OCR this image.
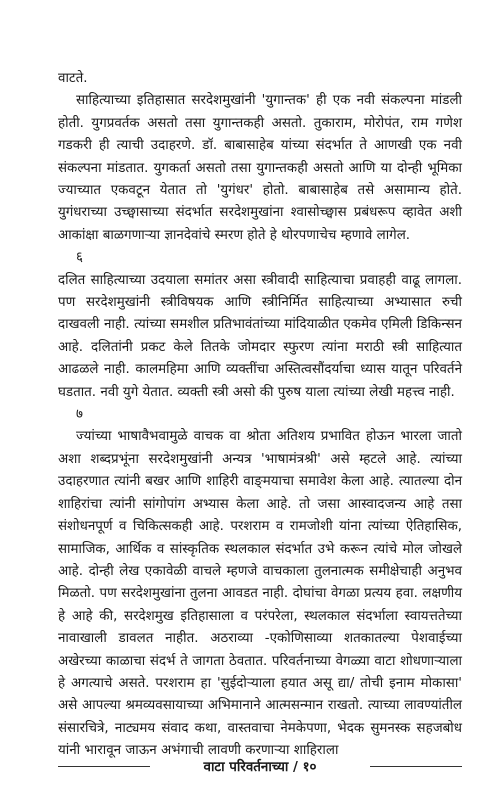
वाटते.

साहित्याच्या इतिहासात सरदेशमुखांनी 'युगान्तक' ही एक नवी संकल्पना मांडली होती. युगप्रवर्तक असतो तसा युगान्तकही असतो. तुकाराम, मोरोपंत, राम गणेश गडकरी ही त्याची उदाहरणे. डॉ. बाबासाहेब यांच्या संदर्भात ते आणखी एक नवी संकल्पना मांडतात. युगकर्ता असतो तसा युगान्तकही असतो आणि या दोन्ही भूमिका ज्याच्यात एकवटून येतात तो 'युगंधर' होतो. बाबासाहेब तसे असामान्य होते. युगंधराच्या उच्छ्वासाच्या संदर्भात सरदेशमुखांना श्वासोच्छ्वास प्रबंधरूप व्हावेत अशी आकांक्षा बाळगणाऱ्या ज्ञानदेवांचे स्मरण होते हे थोरपणाचेच म्हणावे लागेल.

६

दलित साहित्याच्या उदयाला समांतर असा स्त्रीवादी साहित्याचा प्रवाहही वाढू लागला. पण सरदेशमुखांनी स्त्रीविषयक आणि स्त्रीनिर्मित साहित्याच्या अभ्यासात रुची दाखवली नाही. त्यांच्या समशील प्रतिभावंतांच्या मांदियाळीत एकमेव एमिली डिकिन्सन आहे. दलितांनी प्रकट केले तितके जोमदार स्फुरण त्यांना मराठी स्त्री साहित्यात आढळले नाही. कालमहिमा आणि व्यक्तींचा अस्तित्वसौंदर्याचा ध्यास यातून परिवर्तने घडतात. नवी युगे येतात. व्यक्ती स्त्री असो की पुरुष याला त्यांच्या लेखी महत्त्व नाही.

७

ज्यांच्या भाषावैभवामुळे वाचक वा श्रोता अतिशय प्रभावित होऊन भारला जातो अशा शब्दप्रभूंना सरदेशमुखांनी अन्यत्र 'भाषामंत्रश्री' असे म्हटले आहे. त्यांच्या उदाहरणात त्यांनी बखर आणि शाहिरी वाङ्‌मयाचा समावेश केला आहे. त्यातल्या दोन शाहिरांचा त्यांनी सांगोपांग अभ्यास केला आहे. तो जसा आस्वादजन्य आहे तसा संशोधनपूर्ण व चिकित्सकही आहे. परशराम व रामजोशी यांना त्यांच्या ऐतिहासिक, सामाजिक, आर्थिक व सांस्कृतिक स्थलकाल संदर्भात उभे करून त्यांचे मोल जोखले आहे. दोन्ही लेख एकावेळी वाचले म्हणजे वाचकाला तुलनात्मक समीक्षेचाही अनुभव मिळतो. पण सरदेशमुखांना तुलना आवडत नाही. दोघांचा वेगळा प्रत्यय हवा. लक्षणीय हे आहे की, सरदेशमुख इतिहासाला व परंपरेला, स्थलकाल संदर्भाला स्वायत्ततेच्या नावाखाली डावलत नाहीत. अठराव्या -एकोणिसाव्या शतकातल्या पेशवाईच्या अखेरच्या काळाचा संदर्भ ते जागता ठेवतात. परिवर्तनाच्या वेगळ्या वाटा शोधणाऱ्याला हे अगत्याचे असते. परशराम हा 'सुईदोऱ्याला हयात असू द्या/ तोची इनाम मोकासा' असे आपल्या श्रमव्यवसायाच्या अभिमानाने आत्मसन्मान राखतो. त्याच्या लावण्यांतील संसारचित्रे, नाट्यमय संवाद कथा, वास्तवाचा नेमकेपणा, भेदक सुमनस्क सहजबोध यांनी भारावून जाऊन अभंगाची लावणी करणाऱ्या शाहिराला

वाटा परिवर्तनाच्या / १०
